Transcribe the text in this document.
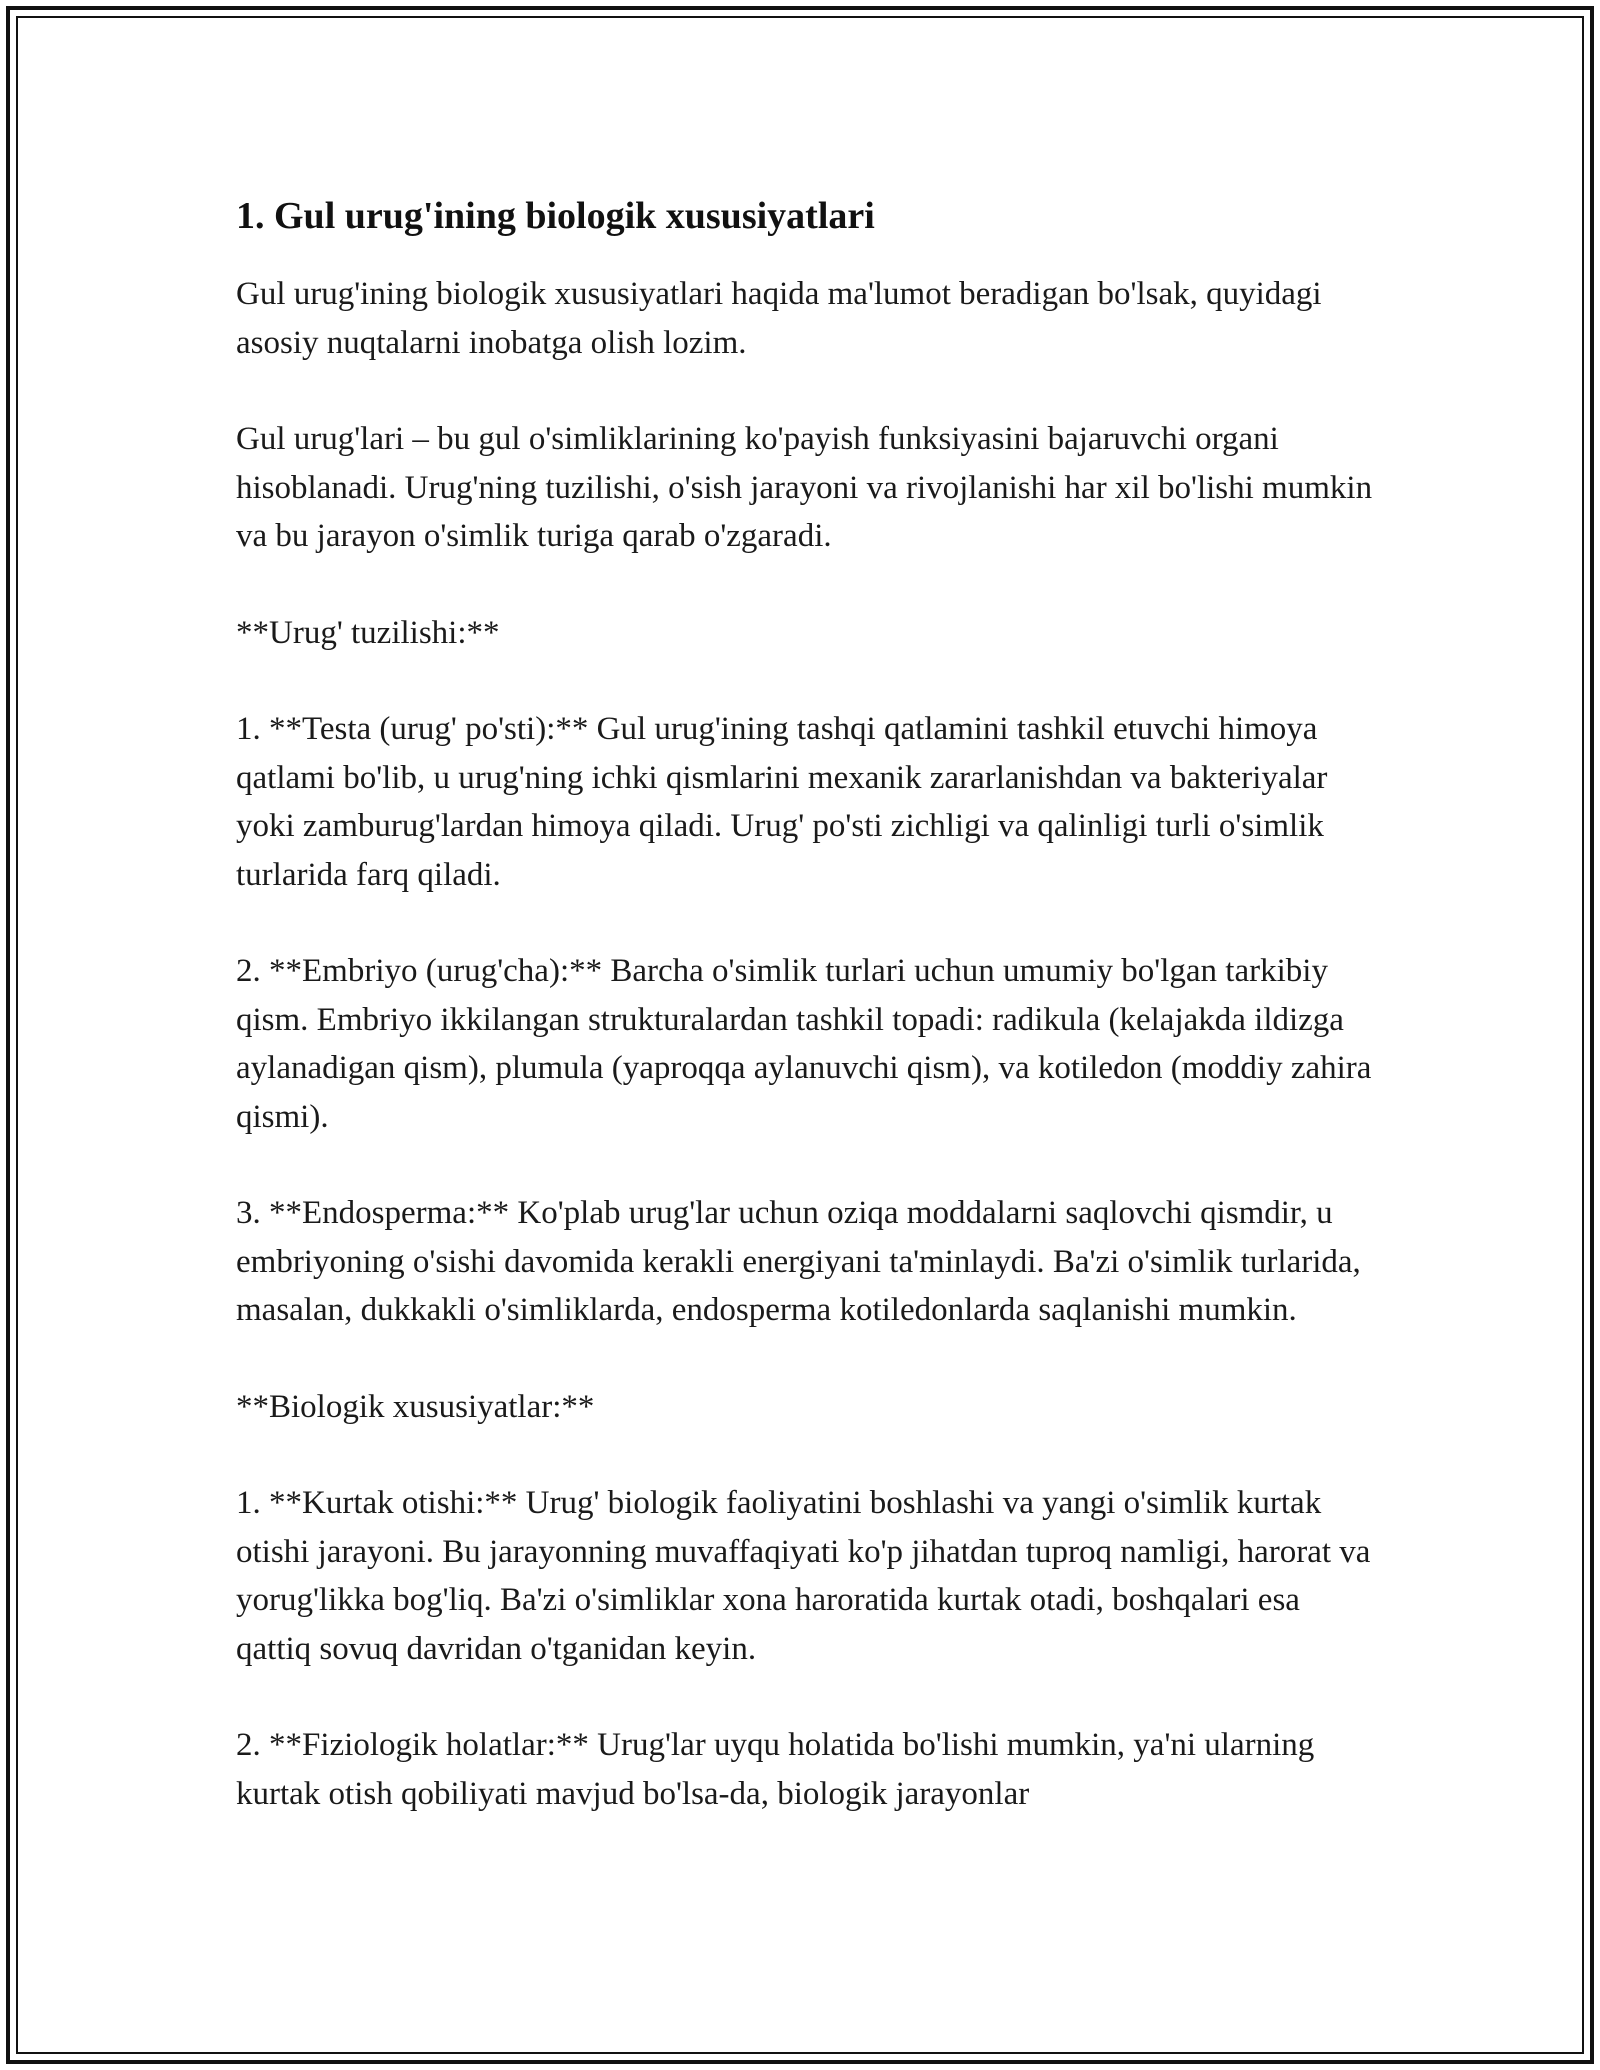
1. Gul urug'ining biologik xususiyatlari

Gul urug'ining biologik xususiyatlari haqida ma'lumot beradigan bo'lsak, quyidagi asosiy nuqtalarni inobatga olish lozim.

Gul urug'lari – bu gul o'simliklarining ko'payish funksiyasini bajaruvchi organi hisoblanadi. Urug'ning tuzilishi, o'sish jarayoni va rivojlanishi har xil bo'lishi mumkin va bu jarayon o'simlik turiga qarab o'zgaradi.

**Urug' tuzilishi:**

1. **Testa (urug' po'sti):** Gul urug'ining tashqi qatlamini tashkil etuvchi himoya qatlami bo'lib, u urug'ning ichki qismlarini mexanik zararlanishdan va bakteriyalar yoki zamburug'lardan himoya qiladi. Urug' po'sti zichligi va qalinligi turli o'simlik turlarida farq qiladi.

2. **Embriyo (urug'cha):** Barcha o'simlik turlari uchun umumiy bo'lgan tarkibiy qism. Embriyo ikkilangan strukturalardan tashkil topadi: radikula (kelajakda ildizga aylanadigan qism), plumula (yaproqqa aylanuvchi qism), va kotiledon (moddiy zahira qismi).

3. **Endosperma:** Ko'plab urug'lar uchun oziqa moddalarni saqlovchi qismdir, u embriyoning o'sishi davomida kerakli energiyani ta'minlaydi. Ba'zi o'simlik turlarida, masalan, dukkakli o'simliklarda, endosperma kotiledonlarda saqlanishi mumkin.

**Biologik xususiyatlar:**

1. **Kurtak otishi:** Urug' biologik faoliyatini boshlashi va yangi o'simlik kurtak otishi jarayoni. Bu jarayonning muvaffaqiyati ko'p jihatdan tuproq namligi, harorat va yorug'likka bog'liq. Ba'zi o'simliklar xona haroratida kurtak otadi, boshqalari esa qattiq sovuq davridan o'tganidan keyin.

2. **Fiziologik holatlar:** Urug'lar uyqu holatida bo'lishi mumkin, ya'ni ularning kurtak otish qobiliyati mavjud bo'lsa-da, biologik jarayonlar
